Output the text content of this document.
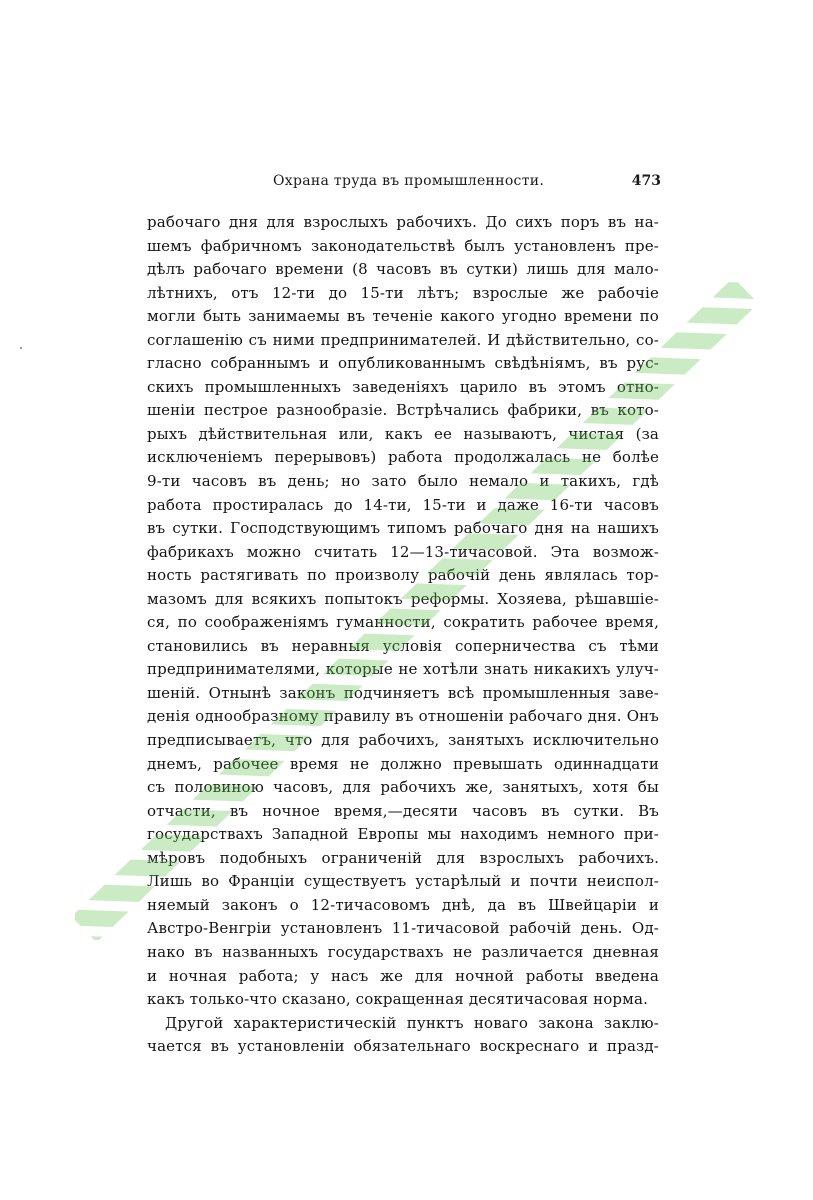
Охрана труда въ промышленности.	473
рабочаго дня для взрослыхъ рабочихъ. До сихъ поръ въ на-
шемъ фабричномъ законодательствѣ былъ установленъ пре-
дѣлъ рабочаго времени (8 часовъ въ сутки) лишь для мало-
лѣтнихъ, отъ 12-ти до 15-ти лѣтъ; взрослые же рабочіе
могли быть занимаемы въ теченіе какого угодно времени по
соглашенію съ ними предпринимателей. И дѣйствительно, со-
гласно собраннымъ и опубликованнымъ свѣдѣніямъ, въ рус-
скихъ промышленныхъ заведеніяхъ царило въ этомъ отно-
шеніи пестрое разнообразіе. Встрѣчались фабрики, въ кото-
рыхъ дѣйствительная или, какъ ее называютъ, чистая (за
исключеніемъ перерывовъ) работа продолжалась не болѣе
9-ти часовъ въ день; но зато было немало и такихъ, гдѣ
работа простиралась до 14-ти, 15-ти и даже 16-ти часовъ
въ сутки. Господствующимъ типомъ рабочаго дня на нашихъ
фабрикахъ можно считать 12—13-тичасовой. Эта возмож-
ность растягивать по произволу рабочій день являлась тор-
мазомъ для всякихъ попытокъ реформы. Хозяева, рѣшавшіе-
ся, по соображеніямъ гуманности, сократить рабочее время,
становились въ неравныя условія соперничества съ тѣми
предпринимателями, которые не хотѣли знать никакихъ улуч-
шеній. Отнынѣ законъ подчиняетъ всѣ промышленныя заве-
денія однообразному правилу въ отношеніи рабочаго дня. Онъ
предписываетъ, что для рабочихъ, занятыхъ исключительно
днемъ, рабочее время не должно превышать одиннадцати
съ половиною часовъ, для рабочихъ же, занятыхъ, хотя бы
отчасти, въ ночное время,—десяти часовъ въ сутки. Въ
государствахъ Западной Европы мы находимъ немного при-
мѣровъ подобныхъ ограниченій для взрослыхъ рабочихъ.
Лишь во Франціи существуетъ устарѣлый и почти неиспол-
няемый законъ о 12-тичасовомъ днѣ, да въ Швейцаріи и
Австро-Венгріи установленъ 11-тичасовой рабочій день. Од-
нако въ названныхъ государствахъ не различается дневная
и ночная работа; у насъ же для ночной работы введена
какъ только-что сказано, сокращенная десятичасовая норма.
Другой характеристическій пунктъ новаго закона заклю-
чается въ установленіи обязательнаго воскреснаго и празд-
